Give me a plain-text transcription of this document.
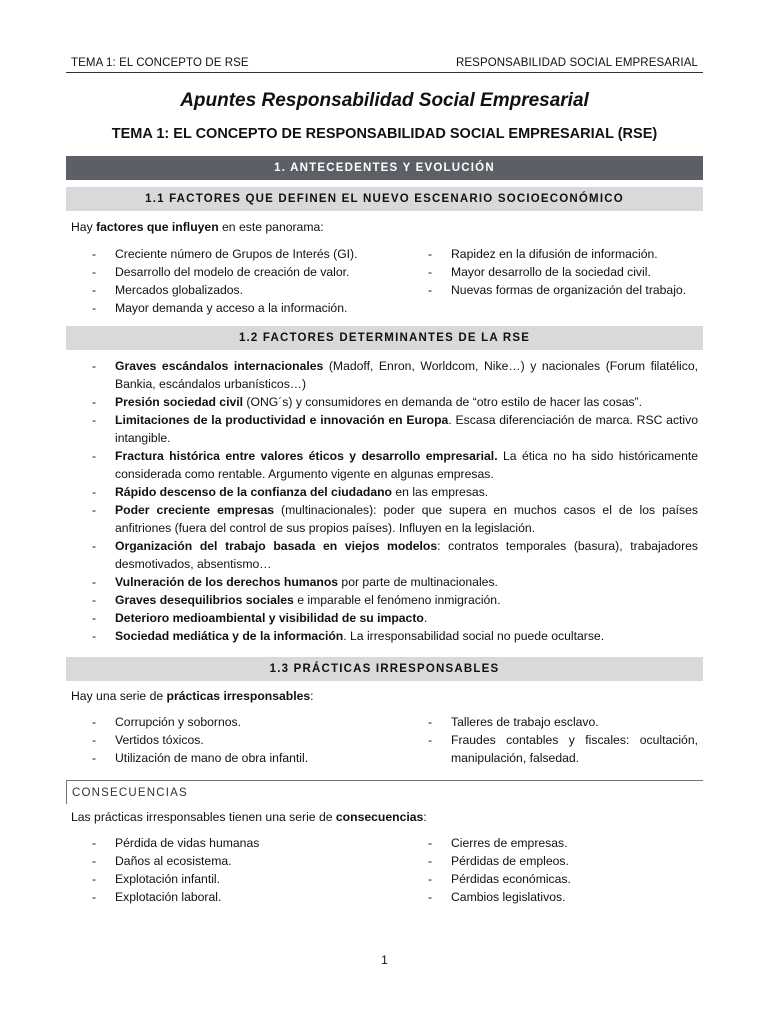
TEMA 1: EL CONCEPTO DE RSE	RESPONSABILIDAD SOCIAL EMPRESARIAL
Apuntes Responsabilidad Social Empresarial
TEMA 1: EL CONCEPTO DE RESPONSABILIDAD SOCIAL EMPRESARIAL (RSE)
1. ANTECEDENTES Y EVOLUCIÓN
1.1 FACTORES QUE DEFINEN EL NUEVO ESCENARIO SOCIOECONÓMICO
Hay factores que influyen en este panorama:
- Creciente número de Grupos de Interés (GI).
- Desarrollo del modelo de creación de valor.
- Mercados globalizados.
- Mayor demanda y acceso a la información.
- Rapidez en la difusión de información.
- Mayor desarrollo de la sociedad civil.
- Nuevas formas de organización del trabajo.
1.2 FACTORES DETERMINANTES DE LA RSE
- Graves escándalos internacionales (Madoff, Enron, Worldcom, Nike…) y nacionales (Forum filatélico, Bankia, escándalos urbanísticos…)
- Presión sociedad civil (ONG´s) y consumidores en demanda de “otro estilo de hacer las cosas”.
- Limitaciones de la productividad e innovación en Europa. Escasa diferenciación de marca. RSC activo intangible.
- Fractura histórica entre valores éticos y desarrollo empresarial. La ética no ha sido históricamente considerada como rentable. Argumento vigente en algunas empresas.
- Rápido descenso de la confianza del ciudadano en las empresas.
- Poder creciente empresas (multinacionales): poder que supera en muchos casos el de los países anfitriones (fuera del control de sus propios países). Influyen en la legislación.
- Organización del trabajo basada en viejos modelos: contratos temporales (basura), trabajadores desmotivados, absentismo…
- Vulneración de los derechos humanos por parte de multinacionales.
- Graves desequilibrios sociales e imparable el fenómeno inmigración.
- Deterioro medioambiental y visibilidad de su impacto.
- Sociedad mediática y de la información. La irresponsabilidad social no puede ocultarse.
1.3 PRÁCTICAS IRRESPONSABLES
Hay una serie de prácticas irresponsables:
- Corrupción y sobornos.
- Vertidos tóxicos.
- Utilización de mano de obra infantil.
- Talleres de trabajo esclavo.
- Fraudes contables y fiscales: ocultación, manipulación, falsedad.
CONSECUENCIAS
Las prácticas irresponsables tienen una serie de consecuencias:
- Pérdida de vidas humanas
- Daños al ecosistema.
- Explotación infantil.
- Explotación laboral.
- Cierres de empresas.
- Pérdidas de empleos.
- Pérdidas económicas.
- Cambios legislativos.
1
